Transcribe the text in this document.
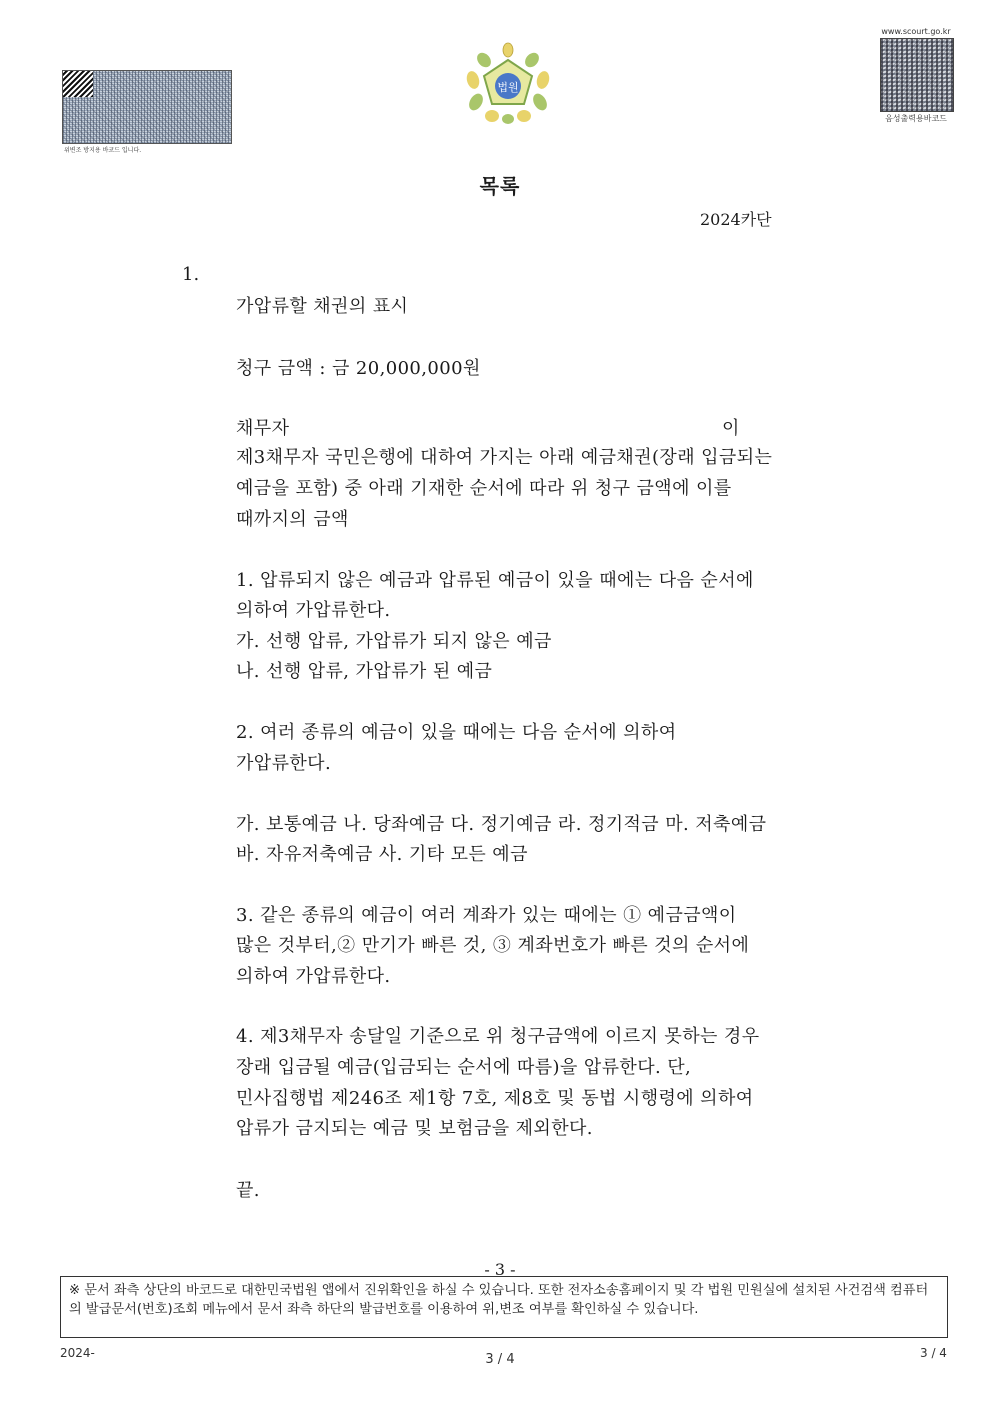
위변조 방지용 바코드 입니다.
법원
www.scourt.go.kr
음성출력용바코드
목록
2024카단
1.
가압류할 채권의 표시
청구 금액 : 금 20,000,000원
채무자	이
제3채무자 국민은행에 대하여 가지는 아래 예금채권(장래 입금되는
예금을 포함) 중 아래 기재한 순서에 따라 위 청구 금액에 이를
때까지의 금액
1. 압류되지 않은 예금과 압류된 예금이 있을 때에는 다음 순서에
의하여 가압류한다.
가. 선행 압류, 가압류가 되지 않은 예금
나. 선행 압류, 가압류가 된 예금
2. 여러 종류의 예금이 있을 때에는 다음 순서에 의하여
가압류한다.
가. 보통예금 나. 당좌예금 다. 정기예금 라. 정기적금 마. 저축예금
바. 자유저축예금 사. 기타 모든 예금
3. 같은 종류의 예금이 여러 계좌가 있는 때에는 ① 예금금액이
많은 것부터,② 만기가 빠른 것, ③ 계좌번호가 빠른 것의 순서에
의하여 가압류한다.
4. 제3채무자 송달일 기준으로 위 청구금액에 이르지 못하는 경우
장래 입금될 예금(입금되는 순서에 따름)을 압류한다. 단,
민사집행법 제246조 제1항 7호, 제8호 및 동법 시행령에 의하여
압류가 금지되는 예금 및 보험금을 제외한다.
끝.
- 3 -
※ 문서 좌측 상단의 바코드로 대한민국법원 앱에서 진위확인을 하실 수 있습니다. 또한 전자소송홈페이지 및 각 법원 민원실에 설치된 사건검색 컴퓨터의 발급문서(번호)조회 메뉴에서 문서 좌측 하단의 발급번호를 이용하여 위,변조 여부를 확인하실 수 있습니다.
2024-	3 / 4	3 / 4
